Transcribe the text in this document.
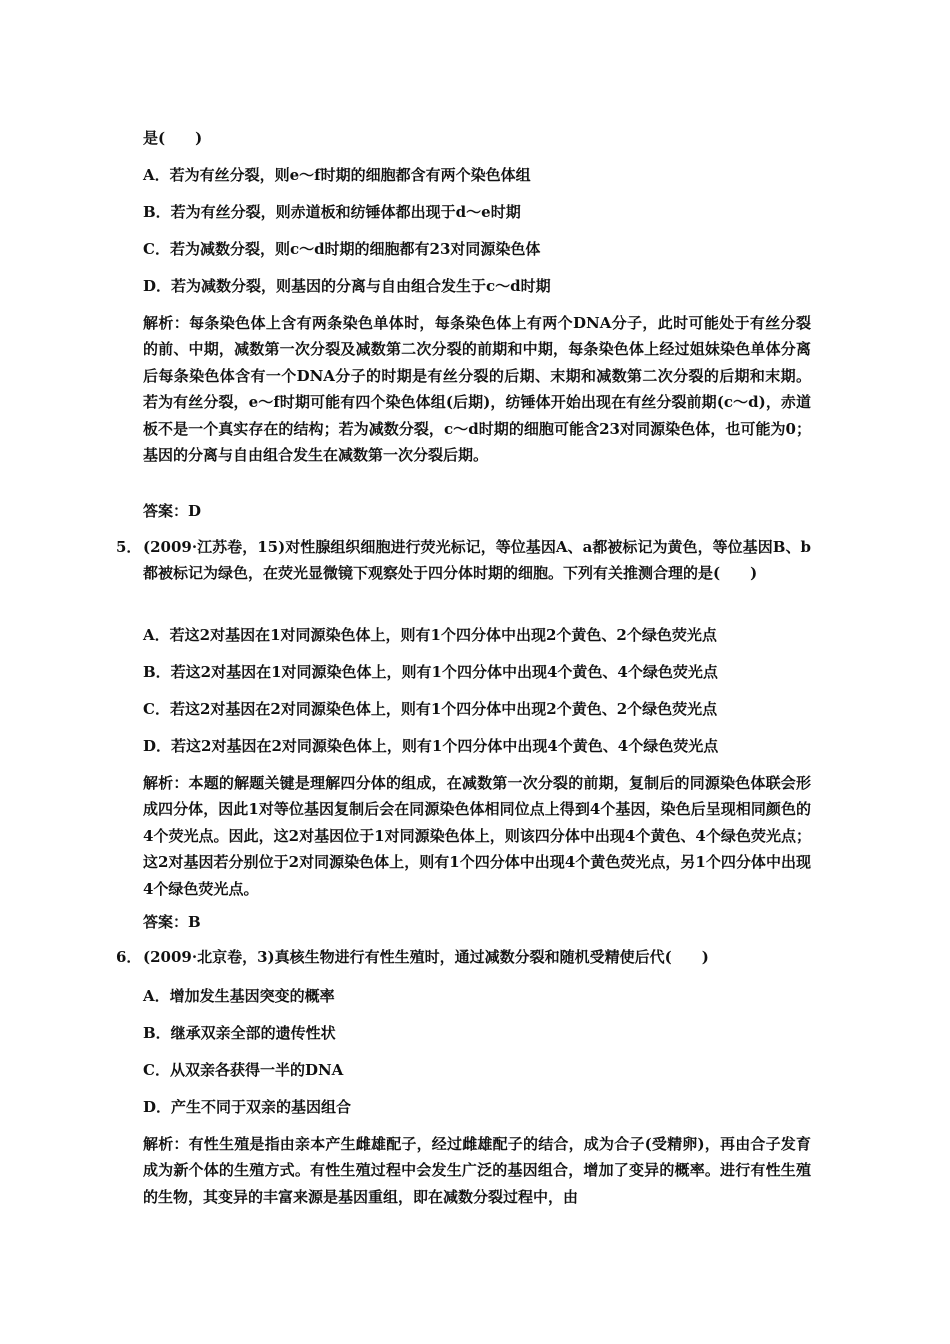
是(　　)
A．若为有丝分裂，则e～f时期的细胞都含有两个染色体组
B．若为有丝分裂，则赤道板和纺锤体都出现于d～e时期
C．若为减数分裂，则c～d时期的细胞都有23对同源染色体
D．若为减数分裂，则基因的分离与自由组合发生于c～d时期
解析：每条染色体上含有两条染色单体时，每条染色体上有两个DNA分子，此时可能处于有丝分裂的前、中期，减数第一次分裂及减数第二次分裂的前期和中期，每条染色体上经过姐妹染色单体分离后每条染色体含有一个DNA分子的时期是有丝分裂的后期、末期和减数第二次分裂的后期和末期。若为有丝分裂，e～f时期可能有四个染色体组(后期)，纺锤体开始出现在有丝分裂前期(c～d)，赤道板不是一个真实存在的结构；若为减数分裂，c～d时期的细胞可能含23对同源染色体，也可能为0；基因的分离与自由组合发生在减数第一次分裂后期。
答案：D
5． (2009·江苏卷，15)对性腺组织细胞进行荧光标记，等位基因A、a都被标记为黄色，等位基因B、b都被标记为绿色，在荧光显微镜下观察处于四分体时期的细胞。下列有关推测合理的是(　　)
A．若这2对基因在1对同源染色体上，则有1个四分体中出现2个黄色、2个绿色荧光点
B．若这2对基因在1对同源染色体上，则有1个四分体中出现4个黄色、4个绿色荧光点
C．若这2对基因在2对同源染色体上，则有1个四分体中出现2个黄色、2个绿色荧光点
D．若这2对基因在2对同源染色体上，则有1个四分体中出现4个黄色、4个绿色荧光点
解析：本题的解题关键是理解四分体的组成，在减数第一次分裂的前期，复制后的同源染色体联会形成四分体，因此1对等位基因复制后会在同源染色体相同位点上得到4个基因，染色后呈现相同颜色的4个荧光点。因此，这2对基因位于1对同源染色体上，则该四分体中出现4个黄色、4个绿色荧光点；这2对基因若分别位于2对同源染色体上，则有1个四分体中出现4个黄色荧光点，另1个四分体中出现4个绿色荧光点。
答案：B
6． (2009·北京卷，3)真核生物进行有性生殖时，通过减数分裂和随机受精使后代(　　)
A．增加发生基因突变的概率
B．继承双亲全部的遗传性状
C．从双亲各获得一半的DNA
D．产生不同于双亲的基因组合
解析：有性生殖是指由亲本产生雌雄配子，经过雌雄配子的结合，成为合子(受精卵)，再由合子发育成为新个体的生殖方式。有性生殖过程中会发生广泛的基因组合，增加了变异的概率。进行有性生殖的生物，其变异的丰富来源是基因重组，即在减数分裂过程中，由
